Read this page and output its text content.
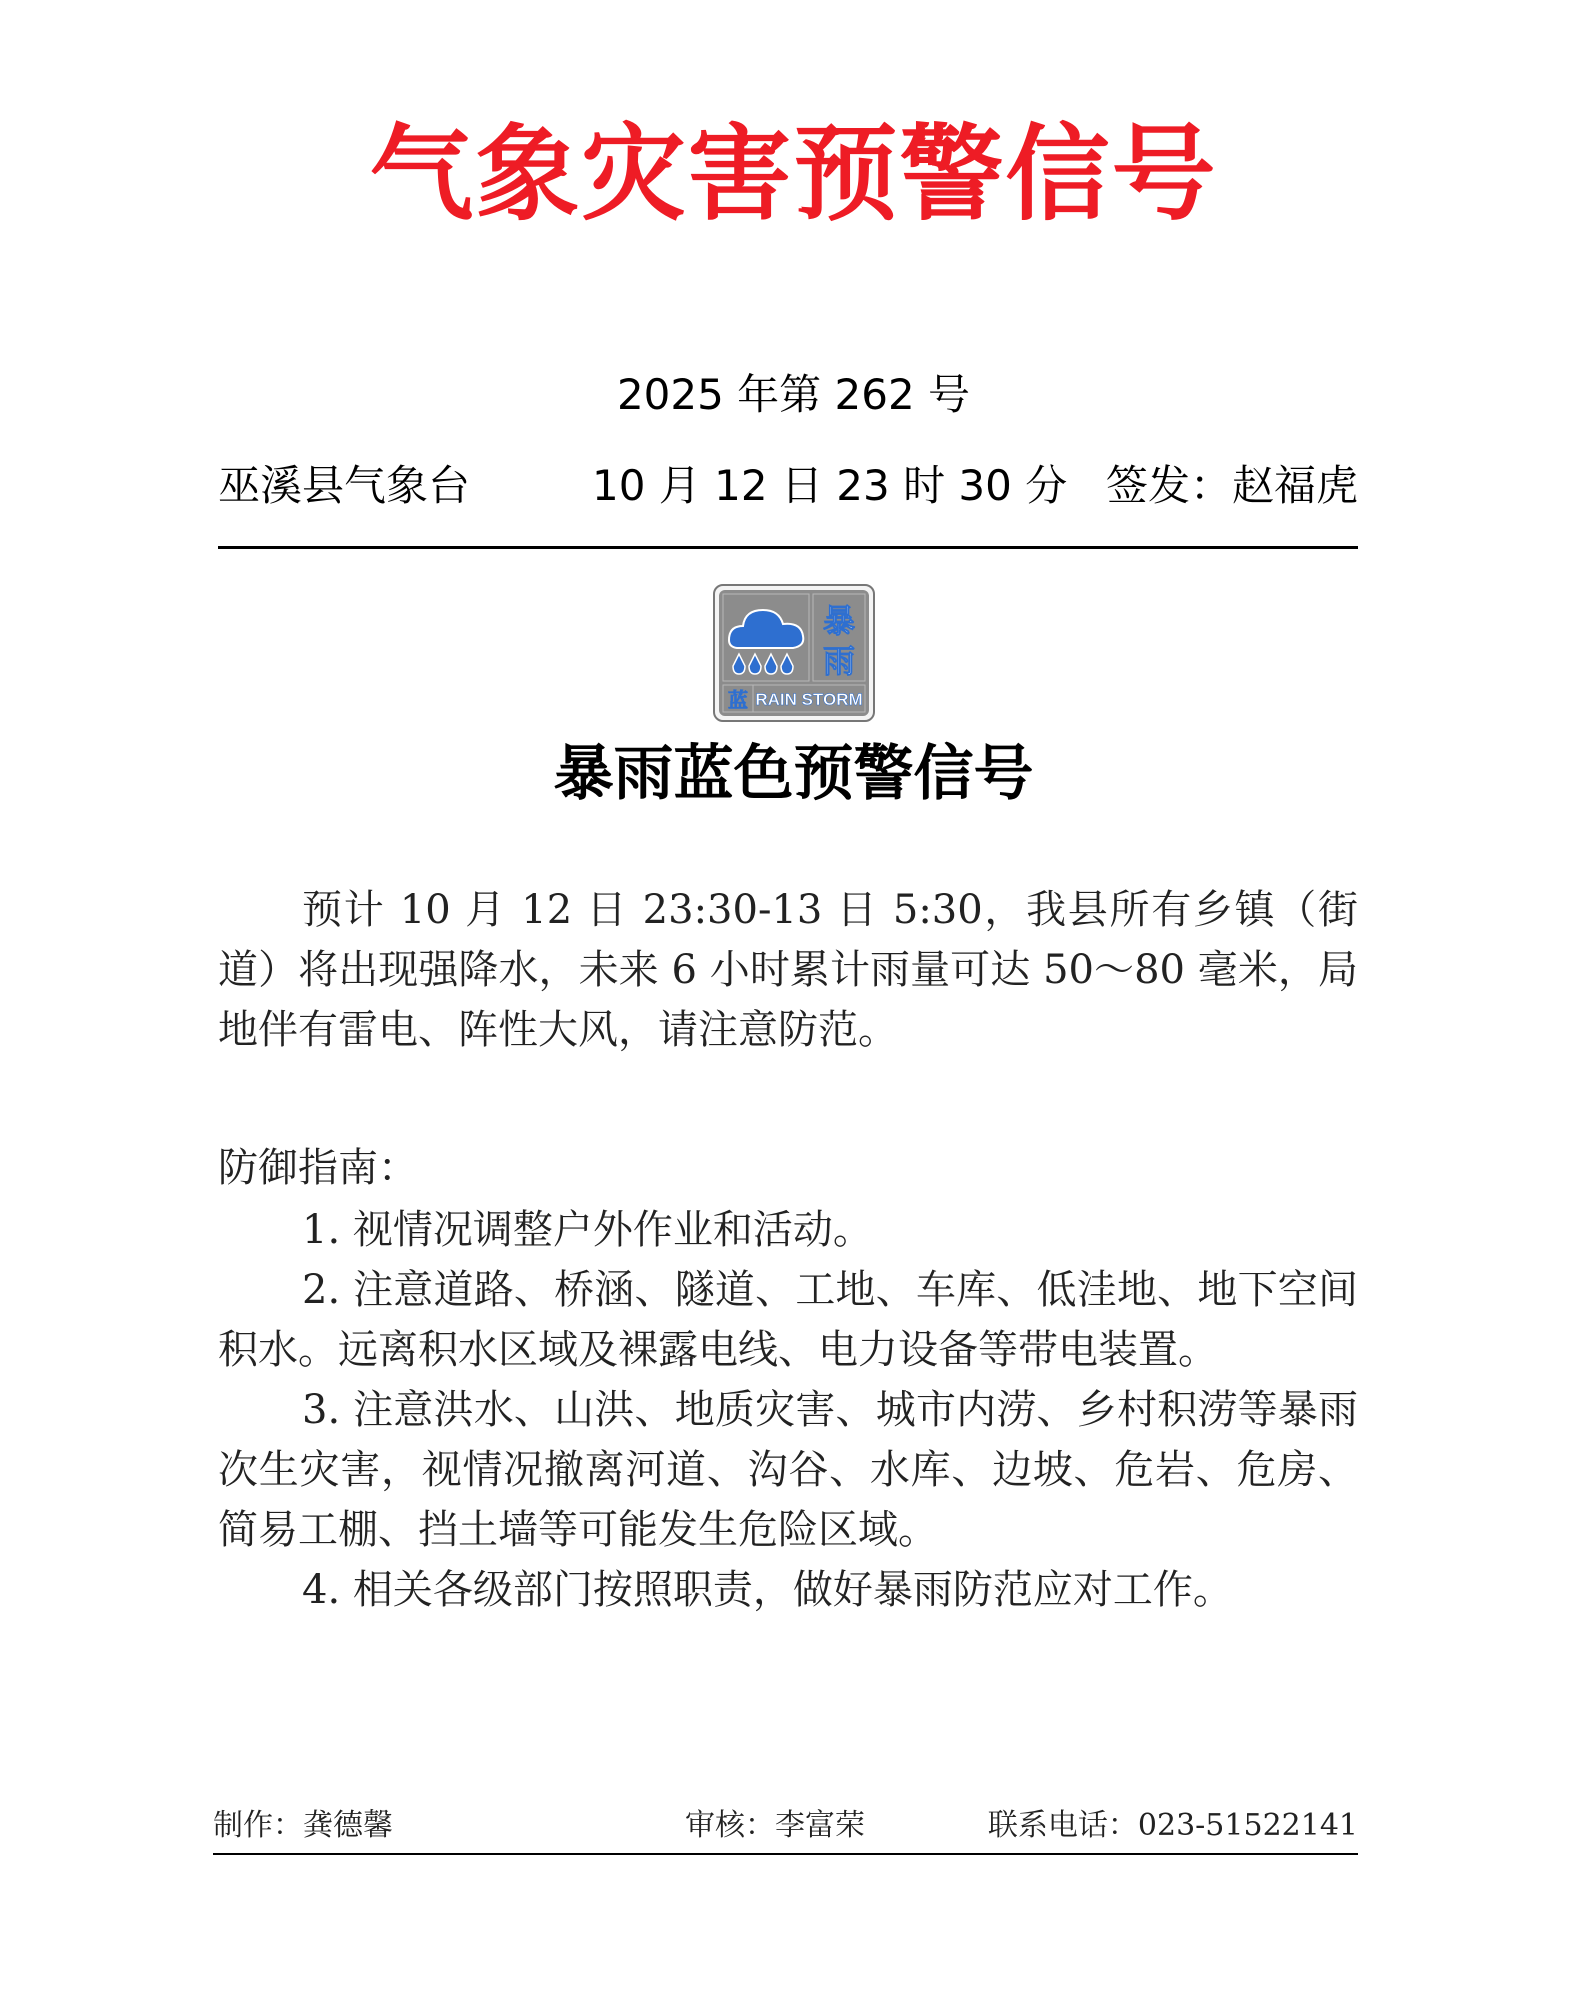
气象灾害预警信号
2025 年第 262 号
巫溪县气象台	10 月 12 日 23 时 30 分 签发：赵福虎
暴
雨
蓝 RAIN STORM
暴雨蓝色预警信号

预计 10 月 12 日 23:30-13 日 5:30，我县所有乡镇（街道）将出现强降水，未来 6 小时累计雨量可达 50～80 毫米，局地伴有雷电、阵性大风，请注意防范。

防御指南：

1. 视情况调整户外作业和活动。
2. 注意道路、桥涵、隧道、工地、车库、低洼地、地下空间积水。远离积水区域及裸露电线、电力设备等带电装置。
3. 注意洪水、山洪、地质灾害、城市内涝、乡村积涝等暴雨次生灾害，视情况撤离河道、沟谷、水库、边坡、危岩、危房、简易工棚、挡土墙等可能发生危险区域。
4. 相关各级部门按照职责，做好暴雨防范应对工作。
制作：龚德馨	审核：李富荣	联系电话：023-51522141
